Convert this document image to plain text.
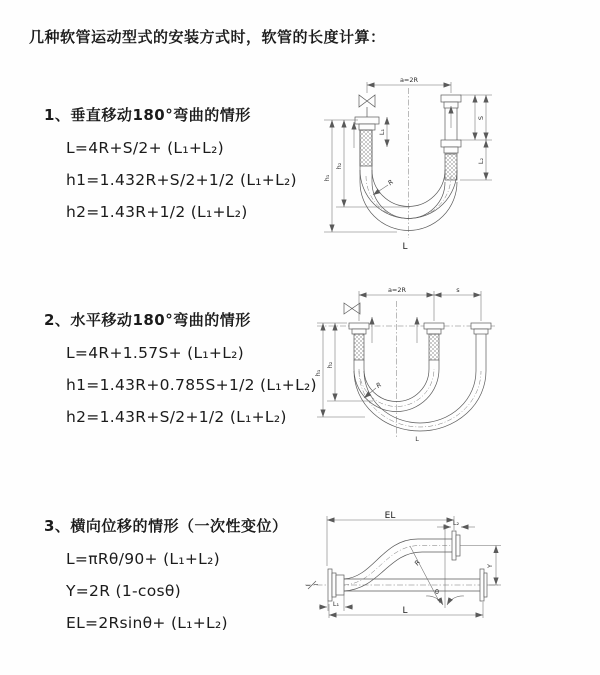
几种软管运动型式的安装方式时，软管的长度计算：
1、垂直移动180°弯曲的情形
L=4R+S/2+ (L₁+L₂)
h1=1.432R+S/2+1/2 (L₁+L₂)
h2=1.43R+1/2 (L₁+L₂)
2、水平移动180°弯曲的情形
L=4R+1.57S+ (L₁+L₂)
h1=1.43R+0.785S+1/2 (L₁+L₂)
h2=1.43R+S/2+1/2 (L₁+L₂)
3、横向位移的情形（一次性变位）
L=πRθ/90+ (L₁+L₂)
Y=2R (1-cosθ)
EL=2Rsinθ+ (L₁+L₂)
a=2R
h₁
h₂
L₁
S
L₂
R
L
a=2R	s
h₁
h₂
R
L
EL
L₂
Y
θ
R
L₁
L
